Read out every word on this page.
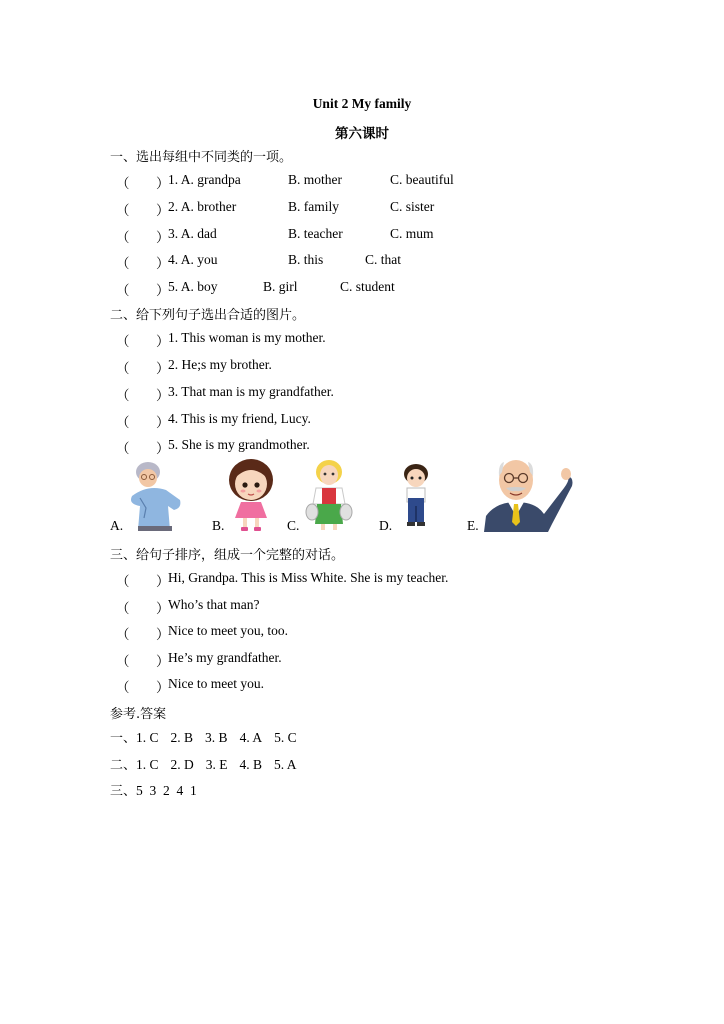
Unit 2 My family
第六课时
一、选出每组中不同类的一项。
（ ）
1. A. grandpa	B. mother	C. beautiful
（ ）
2. A. brother	B. family	C. sister
（ ）
3. A. dad	B. teacher	C. mum
（ ）
4. A. you	B. this	C. that
（ ）
5. A. boy	B. girl	C. student
二、给下列句子选出合适的图片。
（ ）
1. This woman is my mother.
（ ）
2. He;s my brother.
（ ）
3. That man is my grandfather.
（ ）
4. This is my friend, Lucy.
（ ）
5. She is my grandmother.
A.	B.	C.	D.	E.
三、给句子排序，组成一个完整的对话。
（ ）
Hi, Grandpa. This is Miss White. She is my teacher.
（ ）
Who’s that man?
（ ）
Nice to meet you, too.
（ ）
He’s my grandfather.
（ ）
Nice to meet you.
参考.答案
一、1. C 2. B 3. B 4. A 5. C
二、1. C 2. D 3. E 4. B 5. A
三、5  3  2  4  1
